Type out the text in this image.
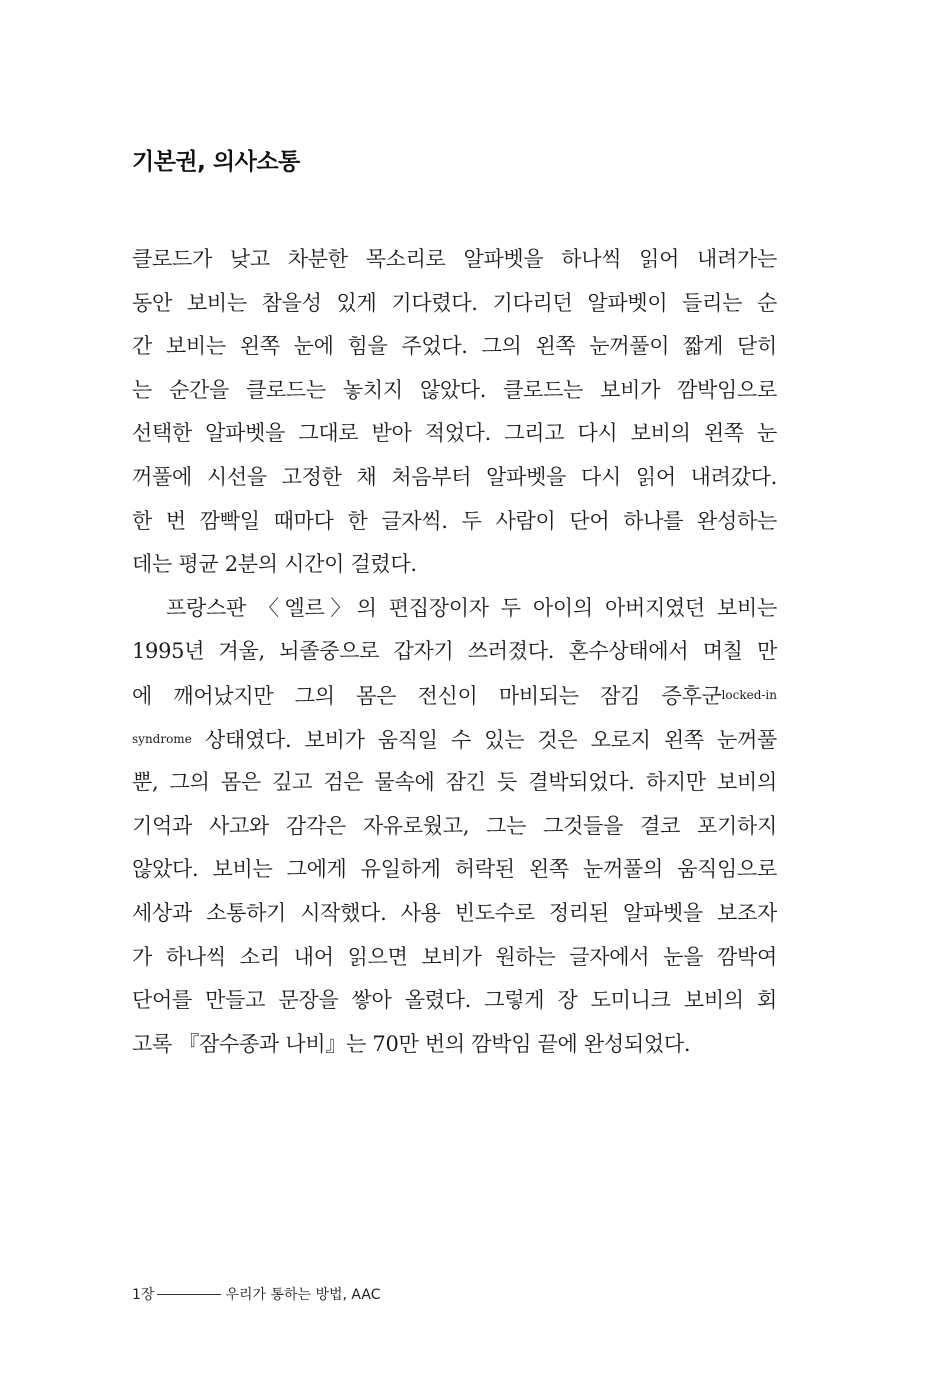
기본권, 의사소통
클로드가 낮고 차분한 목소리로 알파벳을 하나씩 읽어 내려가는
동안 보비는 참을성 있게 기다렸다. 기다리던 알파벳이 들리는 순
간 보비는 왼쪽 눈에 힘을 주었다. 그의 왼쪽 눈꺼풀이 짧게 닫히
는 순간을 클로드는 놓치지 않았다. 클로드는 보비가 깜박임으로
선택한 알파벳을 그대로 받아 적었다. 그리고 다시 보비의 왼쪽 눈
꺼풀에 시선을 고정한 채 처음부터 알파벳을 다시 읽어 내려갔다.
한 번 깜빡일 때마다 한 글자씩. 두 사람이 단어 하나를 완성하는
데는 평균 2분의 시간이 걸렸다.
프랑스판 〈엘르〉의 편집장이자 두 아이의 아버지였던 보비는
1995년 겨울, 뇌졸중으로 갑자기 쓰러졌다. 혼수상태에서 며칠 만
에 깨어났지만 그의 몸은 전신이 마비되는 잠김 증후군locked-in
syndrome 상태였다. 보비가 움직일 수 있는 것은 오로지 왼쪽 눈꺼풀
뿐, 그의 몸은 깊고 검은 물속에 잠긴 듯 결박되었다. 하지만 보비의
기억과 사고와 감각은 자유로웠고, 그는 그것들을 결코 포기하지
않았다. 보비는 그에게 유일하게 허락된 왼쪽 눈꺼풀의 움직임으로
세상과 소통하기 시작했다. 사용 빈도수로 정리된 알파벳을 보조자
가 하나씩 소리 내어 읽으면 보비가 원하는 글자에서 눈을 깜박여
단어를 만들고 문장을 쌓아 올렸다. 그렇게 장 도미니크 보비의 회
고록 『잠수종과 나비』는 70만 번의 깜박임 끝에 완성되었다.
1장	우리가 통하는 방법, AAC
